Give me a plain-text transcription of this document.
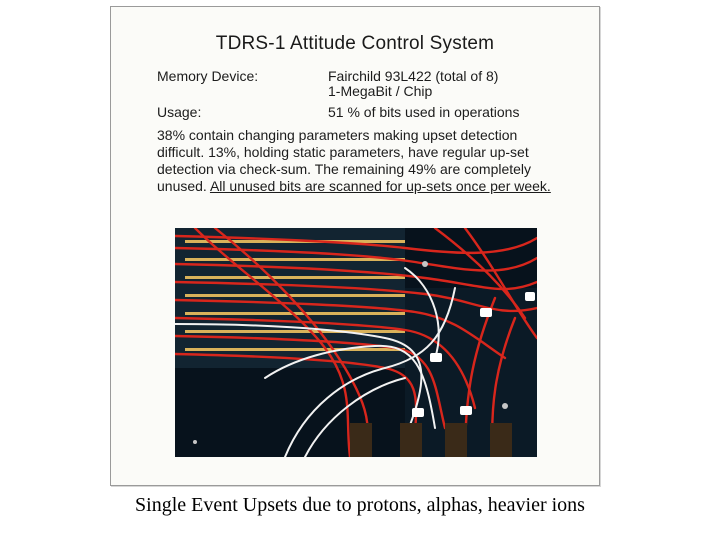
TDRS-1 Attitude Control System
Memory Device:	Fairchild 93L422 (total of 8)
1-MegaBit / Chip
Usage:	51 % of bits used in operations
38% contain changing parameters making upset detection difficult. 13%, holding static parameters, have regular up-set detection via check-sum. The remaining 49% are completely unused. All unused bits are scanned for up-sets once per week.
Single Event Upsets due to protons, alphas, heavier ions
